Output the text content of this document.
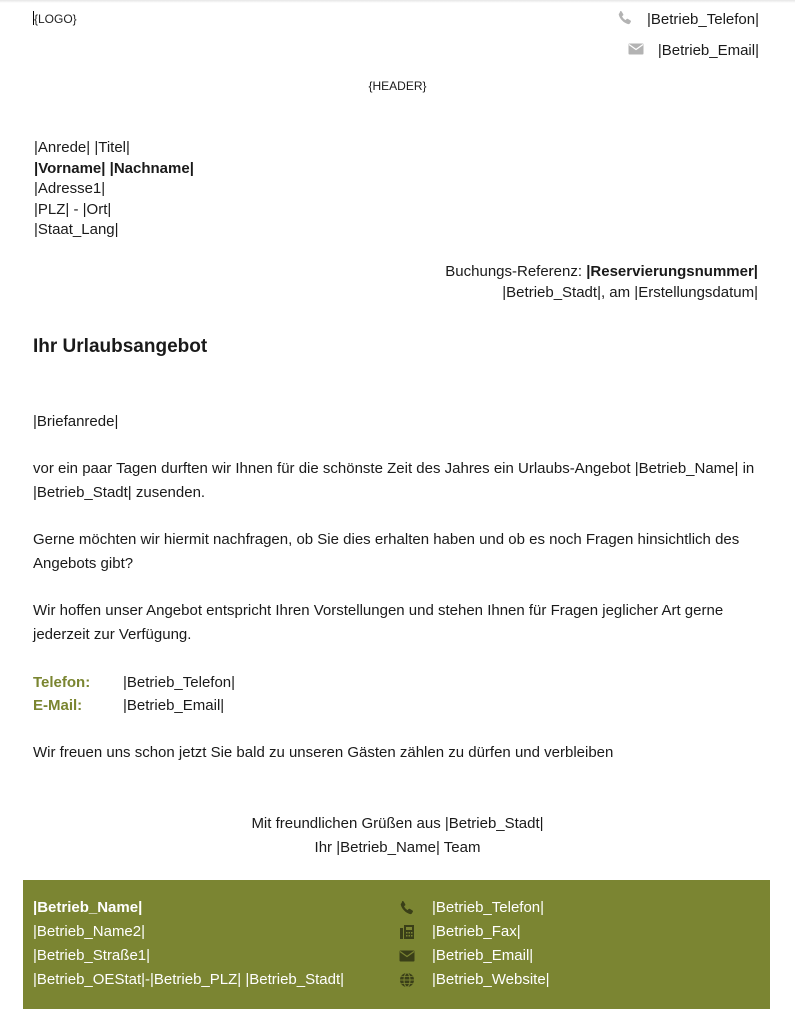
{LOGO}	|Betrieb_Telefon|
|Betrieb_Email|
{HEADER}
|Anrede| |Titel|
|Vorname| |Nachname|
|Adresse1|
|PLZ| - |Ort|
|Staat_Lang|
Buchungs-Referenz: |Reservierungsnummer|
|Betrieb_Stadt|, am |Erstellungsdatum|
Ihr Urlaubsangebot
|Briefanrede|
vor ein paar Tagen durften wir Ihnen für die schönste Zeit des Jahres ein Urlaubs-Angebot |Betrieb_Name| in |Betrieb_Stadt| zusenden.
Gerne möchten wir hiermit nachfragen, ob Sie dies erhalten haben und ob es noch Fragen hinsichtlich des Angebots gibt?
Wir hoffen unser Angebot entspricht Ihren Vorstellungen und stehen Ihnen für Fragen jeglicher Art gerne jederzeit zur Verfügung.
Telefon: |Betrieb_Telefon|
E-Mail:	|Betrieb_Email|
Wir freuen uns schon jetzt Sie bald zu unseren Gästen zählen zu dürfen und verbleiben
Mit freundlichen Grüßen aus |Betrieb_Stadt|
Ihr |Betrieb_Name| Team
|Betrieb_Name|
|Betrieb_Name2|
|Betrieb_Straße1|
|Betrieb_OEStat|-|Betrieb_PLZ| |Betrieb_Stadt|
|Betrieb_Telefon|
|Betrieb_Fax|
|Betrieb_Email|
|Betrieb_Website|
